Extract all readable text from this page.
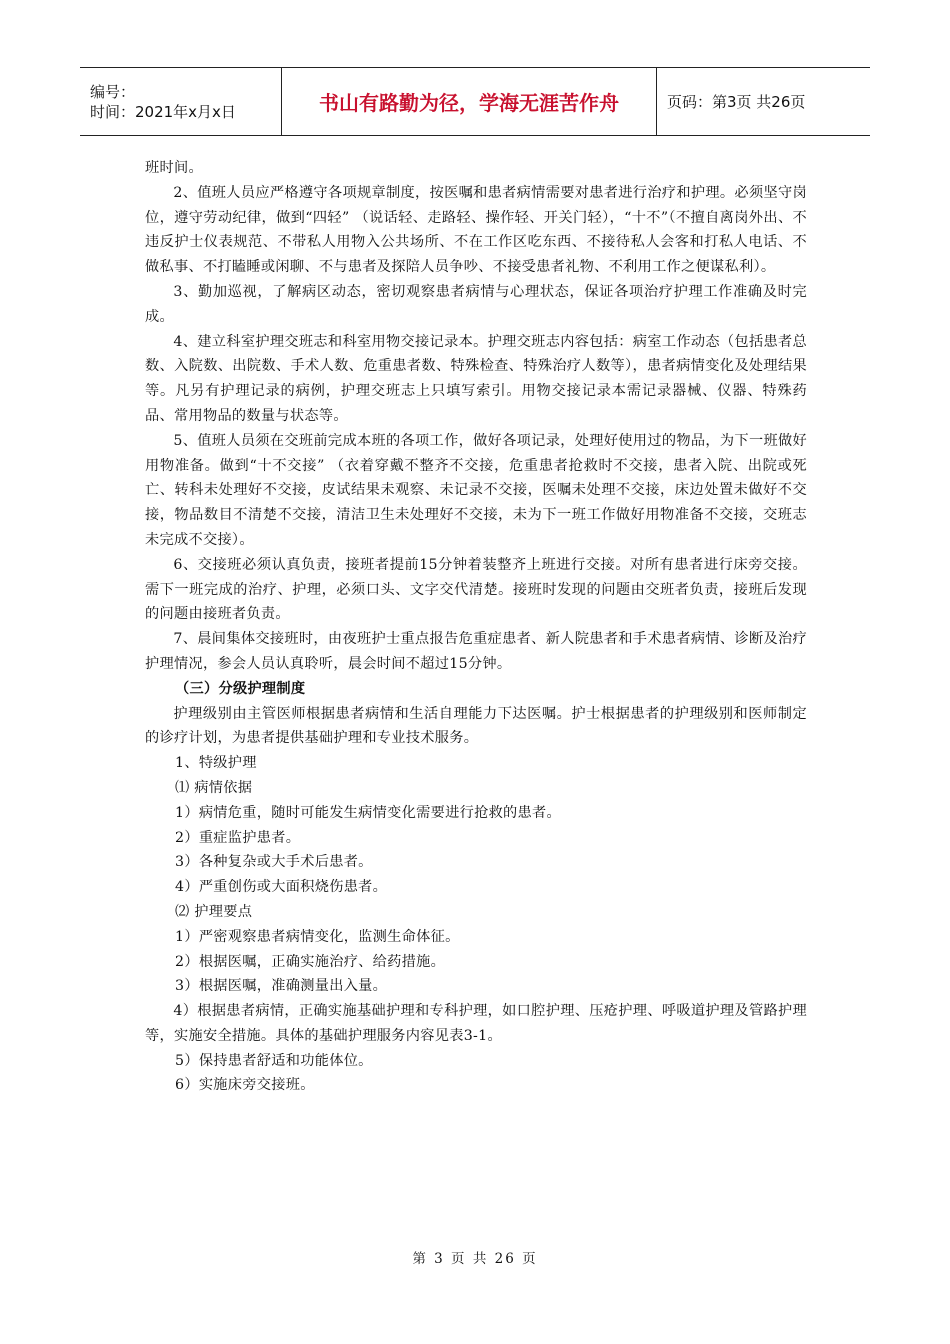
编号：
时间：2021年x月x日	书山有路勤为径，学海无涯苦作舟	页码：第3页 共26页

班时间。

2、值班人员应严格遵守各项规章制度，按医嘱和患者病情需要对患者进行治疗和护理。必须坚守岗位，遵守劳动纪律，做到“四轻” （说话轻、走路轻、操作轻、开关门轻），“十不”（不擅自离岗外出、不违反护士仪表规范、不带私人用物入公共场所、不在工作区吃东西、不接待私人会客和打私人电话、不做私事、不打瞌睡或闲聊、不与患者及探陪人员争吵、不接受患者礼物、不利用工作之便谋私利）。

3、勤加巡视，了解病区动态，密切观察患者病情与心理状态，保证各项治疗护理工作准确及时完成。

4、建立科室护理交班志和科室用物交接记录本。护理交班志内容包括：病室工作动态（包括患者总数、入院数、出院数、手术人数、危重患者数、特殊检查、特殊治疗人数等），患者病情变化及处理结果等。凡另有护理记录的病例，护理交班志上只填写索引。用物交接记录本需记录器械、仪器、特殊药品、常用物品的数量与状态等。

5、值班人员须在交班前完成本班的各项工作，做好各项记录，处理好使用过的物品，为下一班做好用物准备。做到“十不交接” （衣着穿戴不整齐不交接，危重患者抢救时不交接，患者入院、出院或死亡、转科未处理好不交接，皮试结果未观察、未记录不交接，医嘱未处理不交接，床边处置未做好不交接，物品数目不清楚不交接，清洁卫生未处理好不交接，未为下一班工作做好用物准备不交接，交班志未完成不交接）。

6、交接班必须认真负责，接班者提前15分钟着装整齐上班进行交接。对所有患者进行床旁交接。需下一班完成的治疗、护理，必须口头、文字交代清楚。接班时发现的问题由交班者负责，接班后发现的问题由接班者负责。

7、晨间集体交接班时，由夜班护士重点报告危重症患者、新人院患者和手术患者病情、诊断及治疗护理情况，参会人员认真聆听，晨会时间不超过15分钟。

（三）分级护理制度

护理级别由主管医师根据患者病情和生活自理能力下达医嘱。护士根据患者的护理级别和医师制定的诊疗计划，为患者提供基础护理和专业技术服务。

1、特级护理

⑴ 病情依据

1）病情危重，随时可能发生病情变化需要进行抢救的患者。

2）重症监护患者。

3）各种复杂或大手术后患者。

4）严重创伤或大面积烧伤患者。

⑵ 护理要点

1）严密观察患者病情变化，监测生命体征。

2）根据医嘱，正确实施治疗、给药措施。

3）根据医嘱，准确测量出入量。

4）根据患者病情，正确实施基础护理和专科护理，如口腔护理、压疮护理、呼吸道护理及管路护理等，实施安全措施。具体的基础护理服务内容见表3-1。

5）保持患者舒适和功能体位。

6）实施床旁交接班。

第 3 页 共 26 页
